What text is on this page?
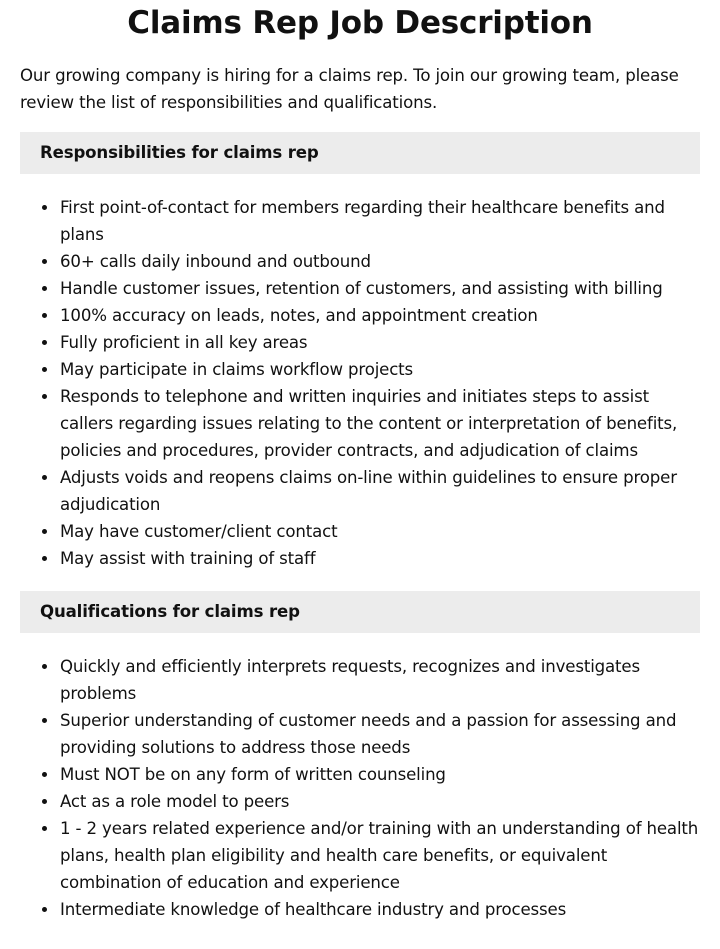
Claims Rep Job Description

Our growing company is hiring for a claims rep. To join our growing team, please review the list of responsibilities and qualifications.

Responsibilities for claims rep
First point-of-contact for members regarding their healthcare benefits and plans
60+ calls daily inbound and outbound
Handle customer issues, retention of customers, and assisting with billing
100% accuracy on leads, notes, and appointment creation
Fully proficient in all key areas
May participate in claims workflow projects
Responds to telephone and written inquiries and initiates steps to assist callers regarding issues relating to the content or interpretation of benefits, policies and procedures, provider contracts, and adjudication of claims
Adjusts voids and reopens claims on-line within guidelines to ensure proper adjudication
May have customer/client contact
May assist with training of staff
Qualifications for claims rep
Quickly and efficiently interprets requests, recognizes and investigates problems
Superior understanding of customer needs and a passion for assessing and providing solutions to address those needs
Must NOT be on any form of written counseling
Act as a role model to peers
1 - 2 years related experience and/or training with an understanding of health plans, health plan eligibility and health care benefits, or equivalent combination of education and experience
Intermediate knowledge of healthcare industry and processes
